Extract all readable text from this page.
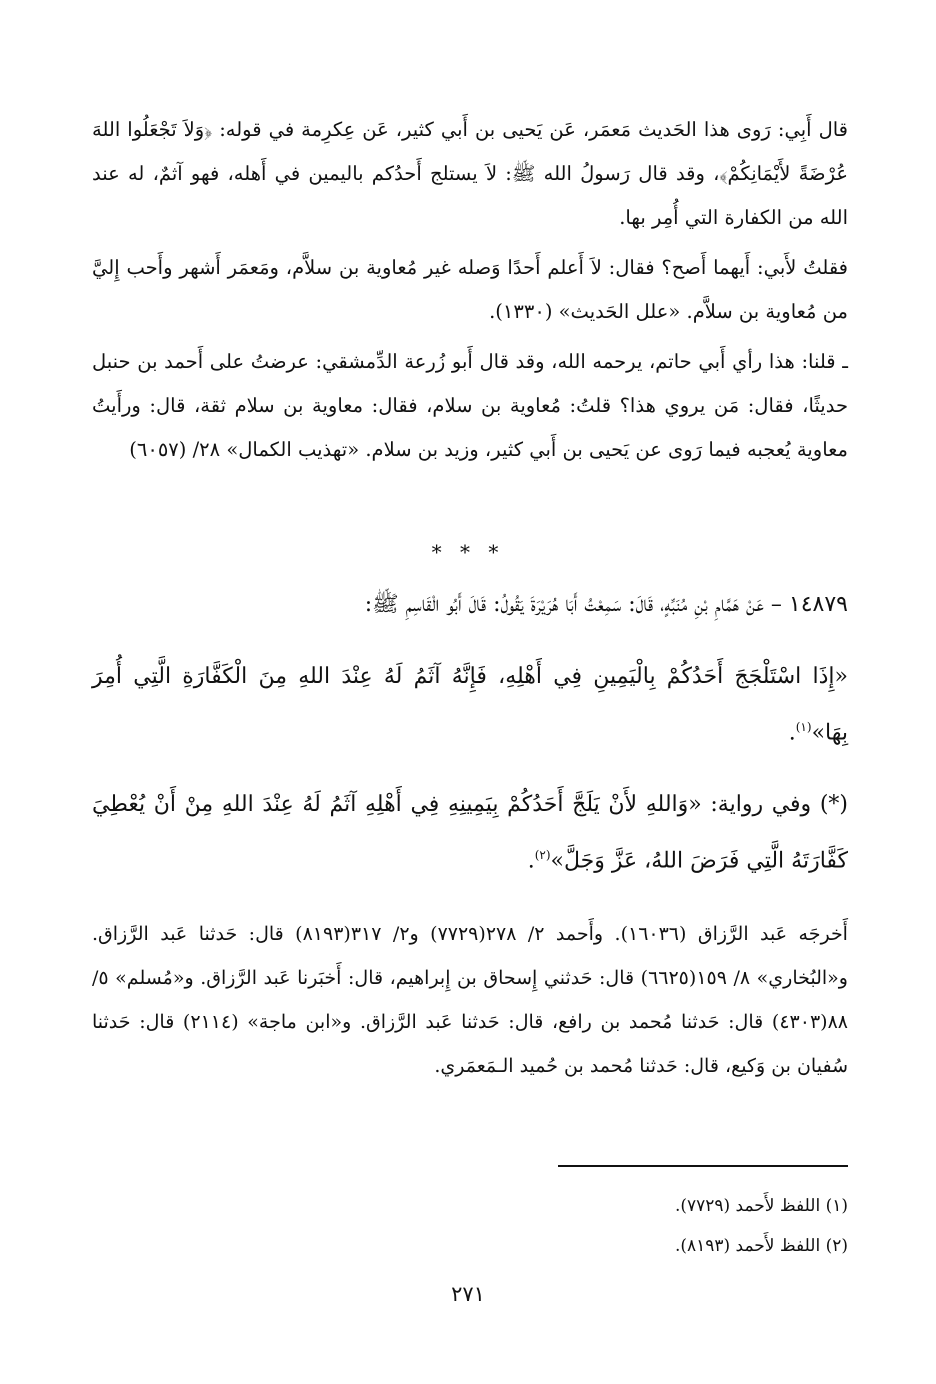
قال أَبِي: رَوى هذا الحَديث مَعمَر، عَن يَحيى بن أَبي كثير، عَن عِكرِمة في قوله: ﴿وَلاَ تَجْعَلُوا اللهَ عُرْضَةً لأَيْمَانِكُمْ﴾، وقد قال رَسولُ الله ﷺ: لاَ يستلج أَحدُكم باليمين في أَهله، فهو آثمٌ، له عند الله من الكفارة التي أُمِر بها.

فقلتُ لأَبي: أَيهما أَصح؟ فقال: لاَ أَعلم أَحدًا وَصله غير مُعاوية بن سلاَّم، ومَعمَر أَشهر وأَحب إِليَّ من مُعاوية بن سلاَّم. «علل الحَديث» (١٣٣٠).

ـ قلنا: هذا رأي أَبي حاتم، يرحمه الله، وقد قال أَبو زُرعة الدِّمشقي: عرضتُ على أَحمد بن حنبل حديثًا، فقال: مَن يروي هذا؟ قلتُ: مُعاوية بن سلام، فقال: معاوية بن سلام ثقة، قال: ورأَيتُ معاوية يُعجبه فيما رَوى عن يَحيى بن أَبي كثير، وزيد بن سلام. «تهذيب الكمال» ٢٨/ (٦٠٥٧)

* * *

١٤٨٧٩ – عَنْ هَمَّامِ بْنِ مُنَبِّهٍ، قَالَ: سَمِعْتُ أَبَا هُرَيْرَةَ يَقُولُ: قَالَ أَبُو الْقَاسِمِ ﷺ:

«إِذَا اسْتَلْجَجَ أَحَدُكُمْ بِالْيَمِينِ فِي أَهْلِهِ، فَإِنَّهُ آثَمُ لَهُ عِنْدَ اللهِ مِنَ الْكَفَّارَةِ الَّتِي أُمِرَ بِهَا»$^{(١)}$.

(*) وفي رواية: «وَاللهِ لأَنْ يَلَجَّ أَحَدُكُمْ بِيَمِينِهِ فِي أَهْلِهِ آثَمُ لَهُ عِنْدَ اللهِ مِنْ أَنْ يُعْطِيَ كَفَّارَتَهُ الَّتِي فَرَضَ اللهُ، عَزَّ وَجَلَّ»$^{(٢)}$.

أَخرجَه عَبد الرَّزاق (١٦٠٣٦). وأَحمد ٢/ ٢٧٨(٧٧٢٩) و٢/ ٣١٧(٨١٩٣) قال: حَدثنا عَبد الرَّزاق. و«البُخاري» ٨/ ١٥٩(٦٦٢٥) قال: حَدثني إِسحاق بن إِبراهيم، قال: أَخبَرنا عَبد الرَّزاق. و«مُسلم» ٥/ ٨٨(٤٣٠٣) قال: حَدثنا مُحمد بن رافع، قال: حَدثنا عَبد الرَّزاق. و«ابن ماجة» (٢١١٤) قال: حَدثنا سُفيان بن وَكيع، قال: حَدثنا مُحمد بن حُميد الـمَعمَري.

(١) اللفظ لأَحمد (٧٧٢٩).

(٢) اللفظ لأَحمد (٨١٩٣).

٢٧١
